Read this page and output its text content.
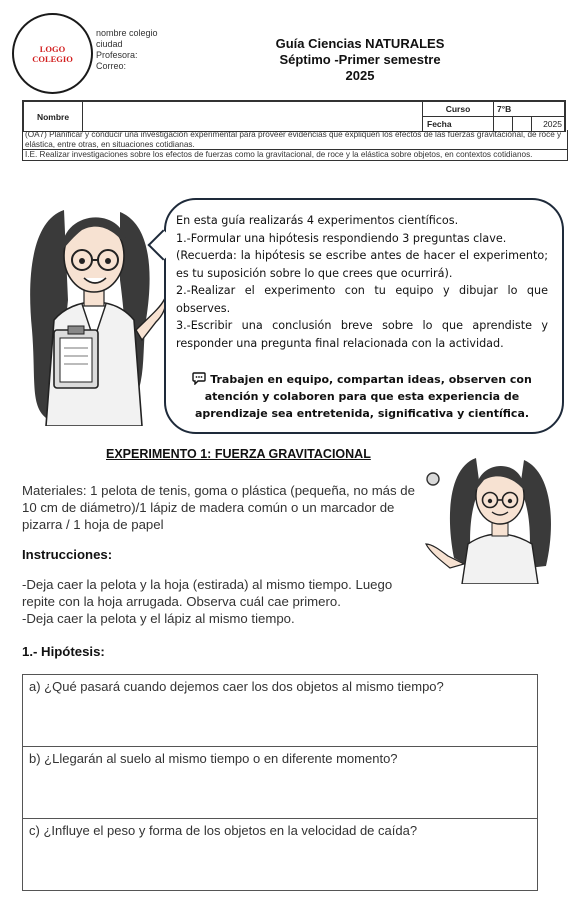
LOGO
COLEGIO
nombre colegio
ciudad
Profesora:
Correo:
Guía Ciencias NATURALES
Séptimo -Primer semestre
2025
Nombre		Curso	7°B		
		Fecha			2025
(OA7) Planificar y conducir una investigación experimental para proveer evidencias que expliquen los efectos de las fuerzas gravitacional, de roce y elástica, entre otras, en situaciones cotidianas.
I.E. Realizar investigaciones sobre los efectos de fuerzas como la gravitacional, de roce y la elástica sobre objetos, en contextos cotidianos.
En esta guía realizarás 4 experimentos científicos.
1.-Formular una hipótesis respondiendo 3 preguntas clave.
(Recuerda: la hipótesis se escribe antes de hacer el experimento; es tu suposición sobre lo que crees que ocurrirá).
2.-Realizar el experimento con tu equipo y dibujar lo que observes.
3.-Escribir una conclusión breve sobre lo que aprendiste y responder una pregunta final relacionada con la actividad.
Trabajen en equipo, compartan ideas, observen con atención y colaboren para que esta experiencia de aprendizaje sea entretenida, significativa y científica.
EXPERIMENTO 1: FUERZA GRAVITACIONAL
Materiales: 1 pelota de tenis, goma o plástica (pequeña, no más de 10 cm de diámetro)/1 lápiz de madera común o un marcador de pizarra / 1 hoja de papel
Instrucciones:
-Deja caer la pelota y la hoja (estirada) al mismo tiempo. Luego repite con la hoja arrugada. Observa cuál cae primero.
-Deja caer la pelota y el lápiz al mismo tiempo.
1.- Hipótesis:
a) ¿Qué pasará cuando dejemos caer los dos objetos al mismo tiempo?
b) ¿Llegarán al suelo al mismo tiempo o en diferente momento?
c) ¿Influye el peso y forma de los objetos en la velocidad de caída?
